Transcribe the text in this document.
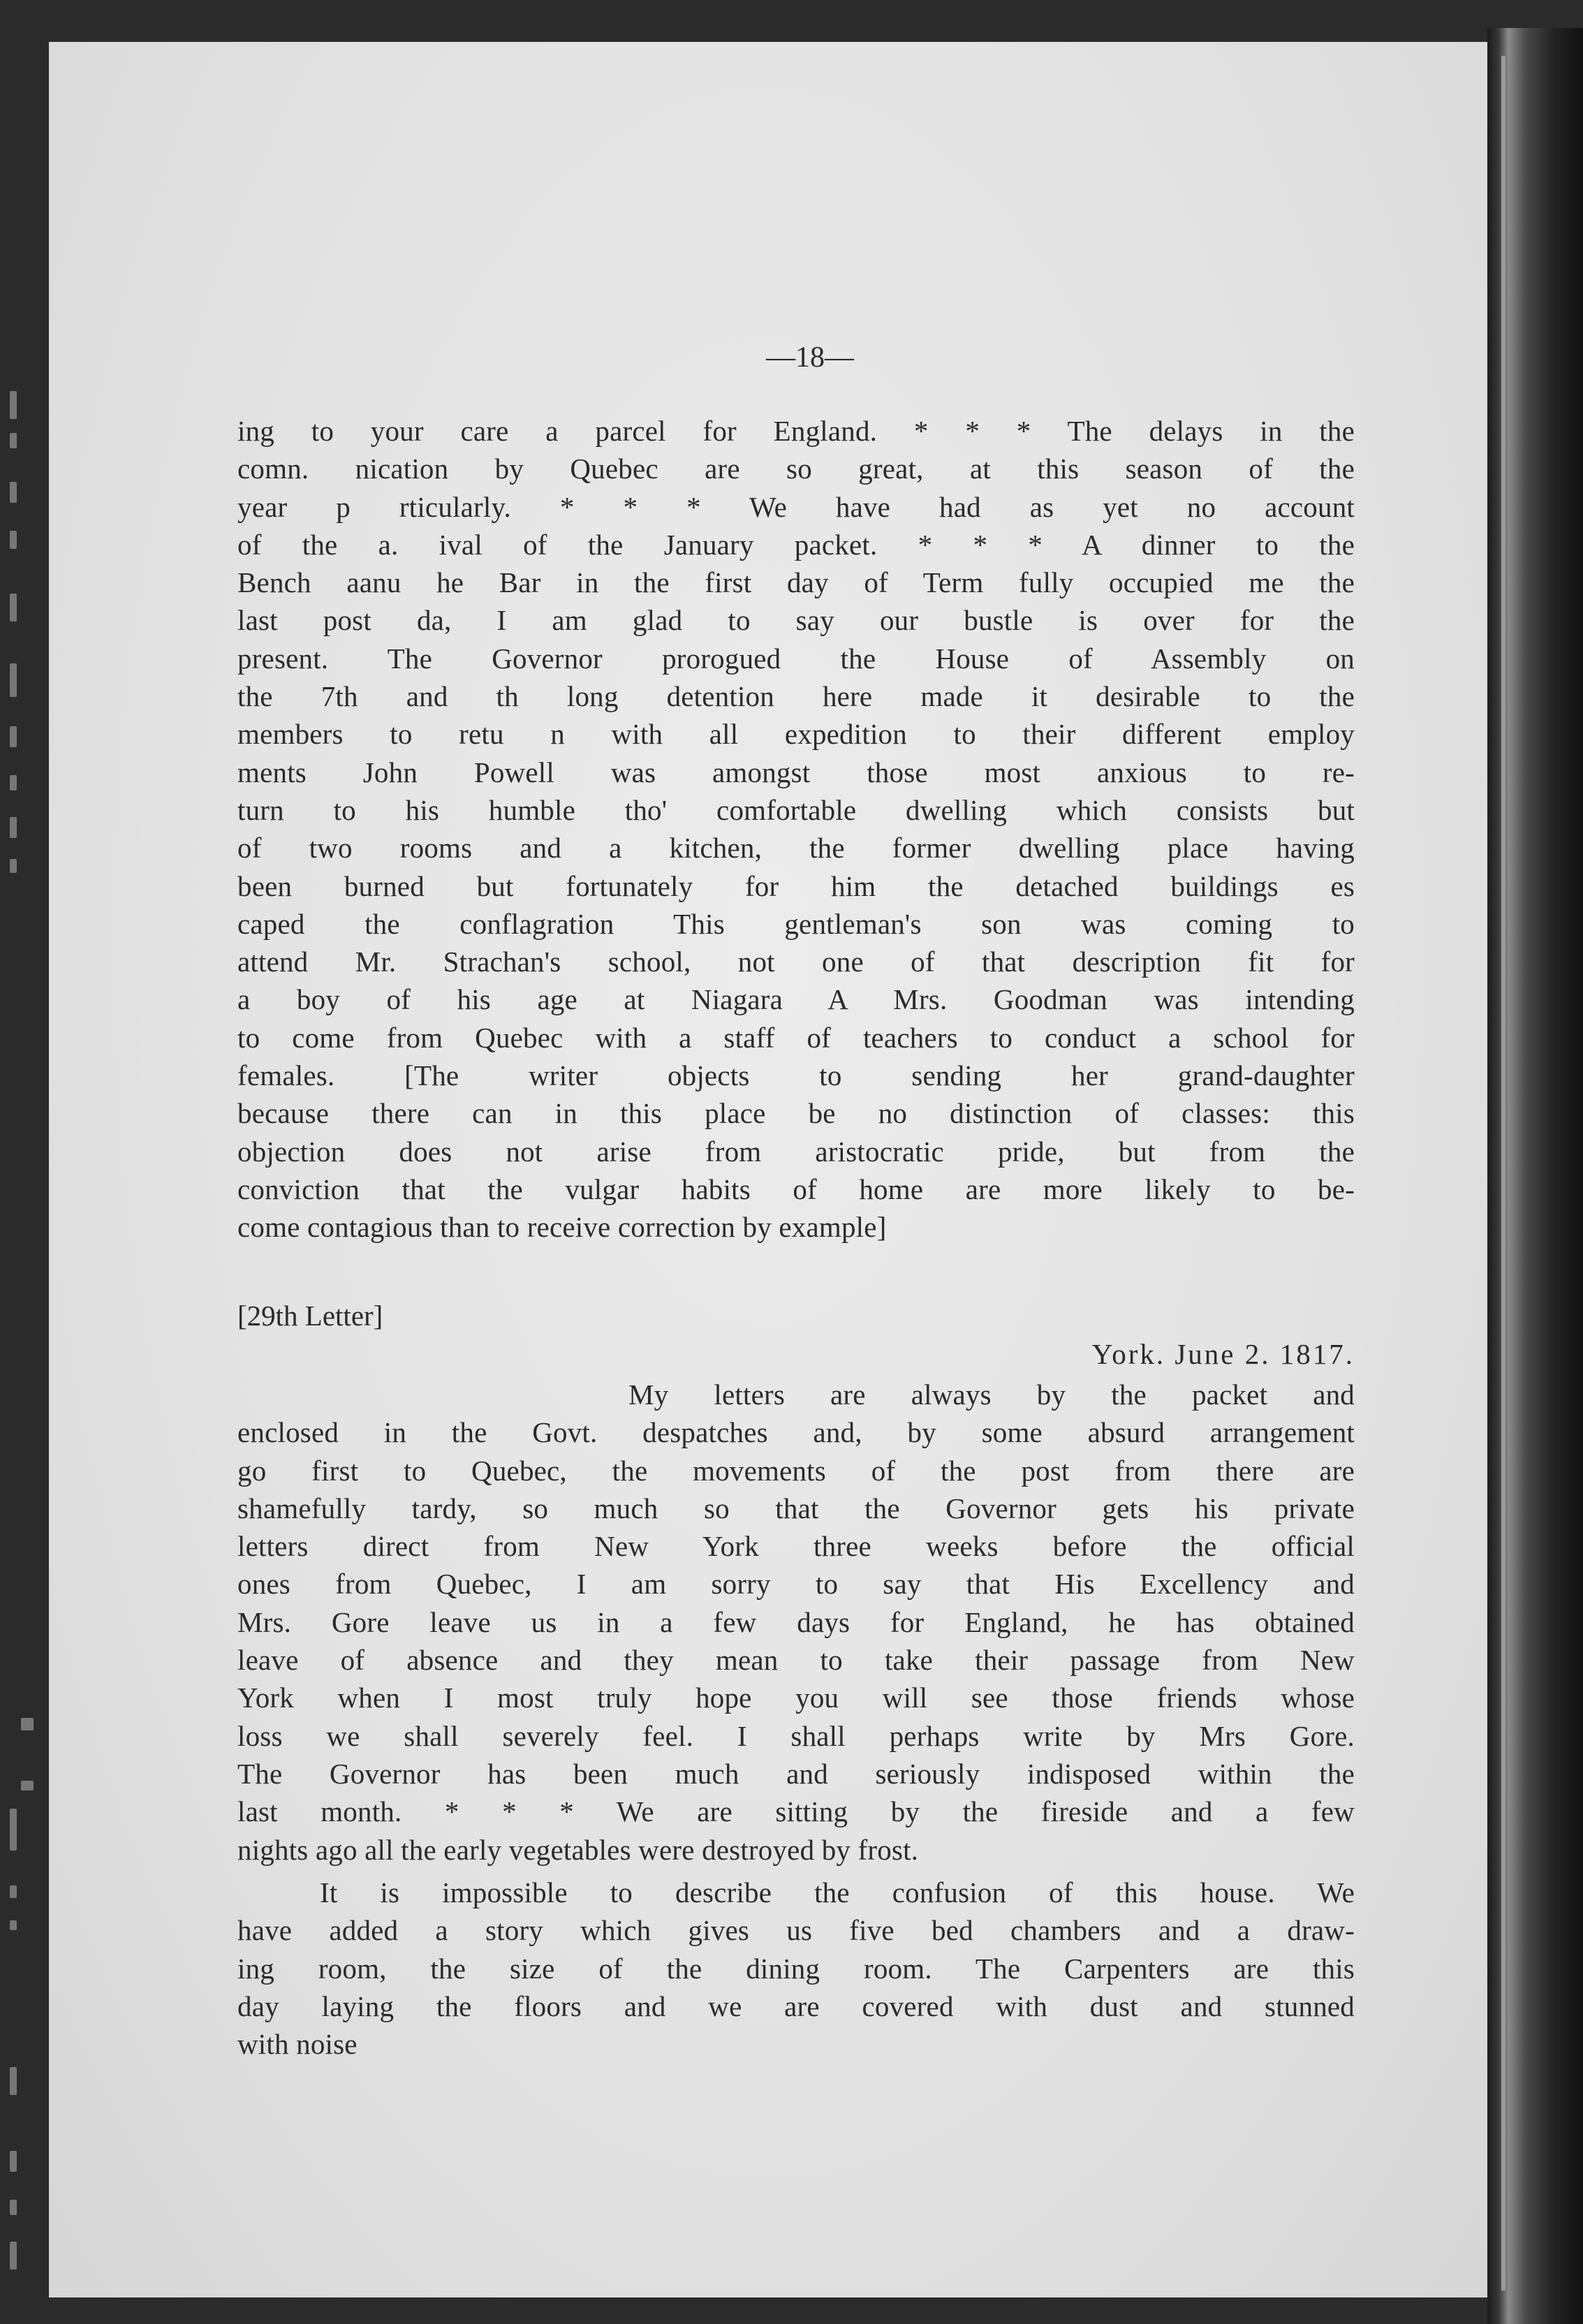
—18—
ing to your care a parcel for England. * * * The delays in the
comn. nication by Quebec are so great, at this season of the
year p rticularly. * * * We have had as yet no account
of the a. ival of the January packet. * * * A dinner to the
Bench aanu he Bar in the first day of Term fully occupied me the
last post da, I am glad to say our bustle is over for the
present. The Governor prorogued the House of Assembly on
the 7th and th long detention here made it desirable to the
members to retu n with all expedition to their different employ
ments John Powell was amongst those most anxious to re-
turn to his humble tho' comfortable dwelling which consists but
of two rooms and a kitchen, the former dwelling place having
been burned but fortunately for him the detached buildings es
caped the conflagration This gentleman's son was coming to
attend Mr. Strachan's school, not one of that description fit for
a boy of his age at Niagara A Mrs. Goodman was intending
to come from Quebec with a staff of teachers to conduct a school for
females. [The writer objects to sending her grand-daughter
because there can in this place be no distinction of classes: this
objection does not arise from aristocratic pride, but from the
conviction that the vulgar habits of home are more likely to be-
come contagious than to receive correction by example]
[29th Letter]
York. June 2. 1817.
My letters are always by the packet and
enclosed in the Govt. despatches and, by some absurd arrangement
go first to Quebec, the movements of the post from there are
shamefully tardy, so much so that the Governor gets his private
letters direct from New York three weeks before the official
ones from Quebec, I am sorry to say that His Excellency and
Mrs. Gore leave us in a few days for England, he has obtained
leave of absence and they mean to take their passage from New
York when I most truly hope you will see those friends whose
loss we shall severely feel. I shall perhaps write by Mrs Gore.
The Governor has been much and seriously indisposed within the
last month. * * * We are sitting by the fireside and a few
nights ago all the early vegetables were destroyed by frost.
It is impossible to describe the confusion of this house. We
have added a story which gives us five bed chambers and a draw-
ing room, the size of the dining room. The Carpenters are this
day laying the floors and we are covered with dust and stunned
with noise
